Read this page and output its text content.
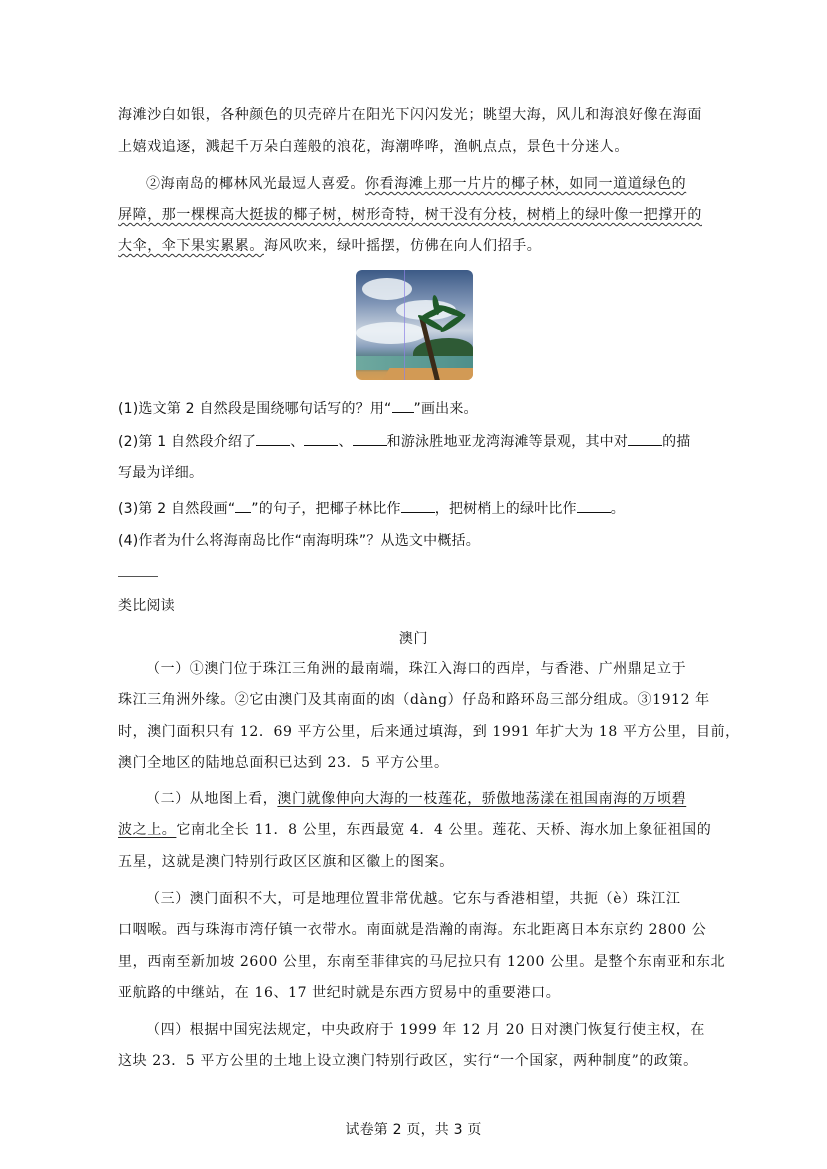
海滩沙白如银，各种颜色的贝壳碎片在阳光下闪闪发光；眺望大海，风儿和海浪好像在海面
上嬉戏追逐，溅起千万朵白莲般的浪花，海潮哗哗，渔帆点点，景色十分迷人。
②海南岛的椰林风光最逗人喜爱。你看海滩上那一片片的椰子林，如同一道道绿色的
屏障，那一棵棵高大挺拔的椰子树，树形奇特，树干没有分枝，树梢上的绿叶像一把撑开的
大伞，伞下果实累累。海风吹来，绿叶摇摆，仿佛在向人们招手。
(1)选文第 2 自然段是围绕哪句话写的？用“ ”画出来。
(2)第 1 自然段介绍了 、 、 和游泳胜地亚龙湾海滩等景观，其中对 的描
写最为详细。
(3)第 2 自然段画“ ”的句子，把椰子林比作 ，把树梢上的绿叶比作 。
(4)作者为什么将海南岛比作“南海明珠”？从选文中概括。
类比阅读
澳门
（一）①澳门位于珠江三角洲的最南端，珠江入海口的西岸，与香港、广州鼎足立于
珠江三角洲外缘。②它由澳门及其南面的凼（dàng）仔岛和路环岛三部分组成。③1912 年
时，澳门面积只有 12．69 平方公里，后来通过填海，到 1991 年扩大为 18 平方公里，目前，
澳门全地区的陆地总面积已达到 23．5 平方公里。
（二）从地图上看，澳门就像伸向大海的一枝莲花，骄傲地荡漾在祖国南海的万顷碧
波之上。它南北全长 11．8 公里，东西最宽 4．4 公里。莲花、天桥、海水加上象征祖国的
五星，这就是澳门特别行政区区旗和区徽上的图案。
（三）澳门面积不大，可是地理位置非常优越。它东与香港相望，共扼（è）珠江江
口咽喉。西与珠海市湾仔镇一衣带水。南面就是浩瀚的南海。东北距离日本东京约 2800 公
里，西南至新加坡 2600 公里，东南至菲律宾的马尼拉只有 1200 公里。是整个东南亚和东北
亚航路的中继站，在 16、17 世纪时就是东西方贸易中的重要港口。
（四）根据中国宪法规定，中央政府于 1999 年 12 月 20 日对澳门恢复行使主权，在
这块 23．5 平方公里的土地上设立澳门特别行政区，实行“一个国家，两种制度”的政策。
试卷第 2 页，共 3 页
